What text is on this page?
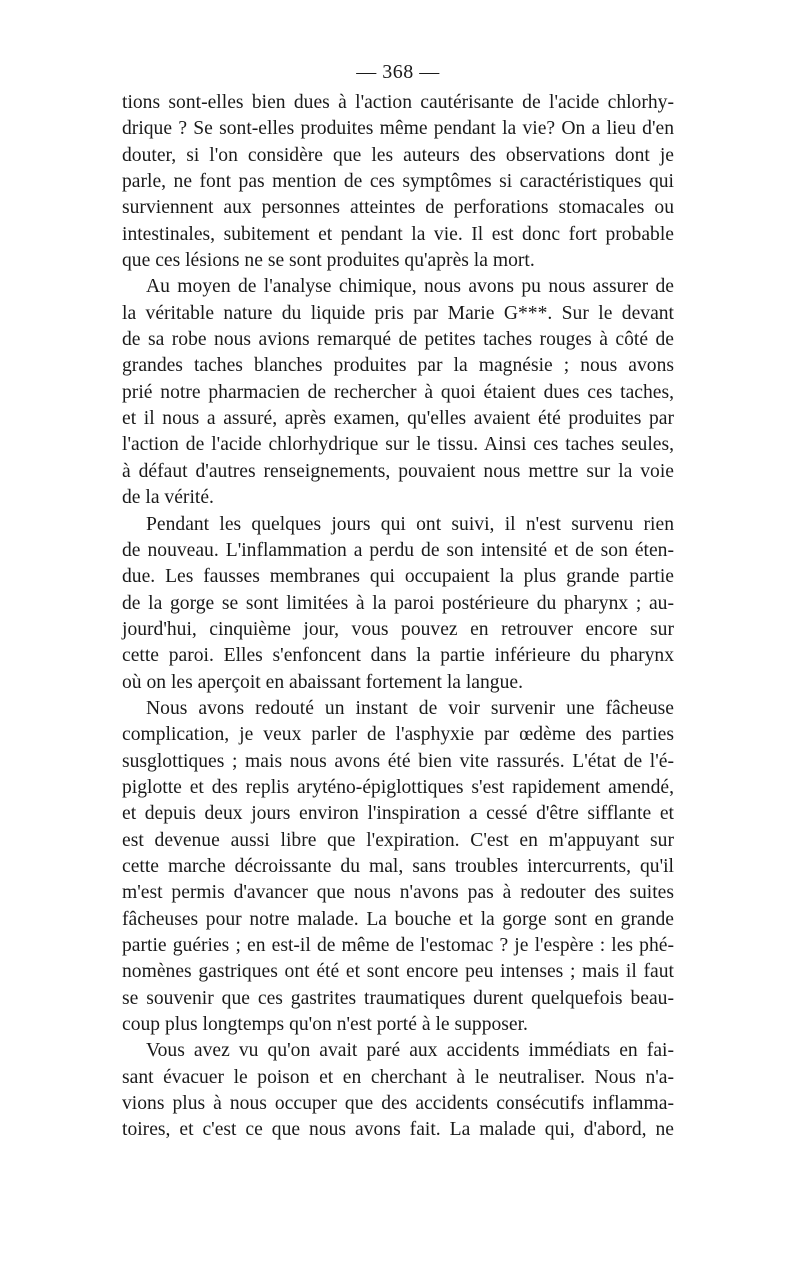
— 368 —
tions sont-elles bien dues à l'action cautérisante de l'acide chlorhy-
drique ? Se sont-elles produites même pendant la vie? On a lieu d'en
douter, si l'on considère que les auteurs des observations dont je
parle, ne font pas mention de ces symptômes si caractéristiques qui
surviennent aux personnes atteintes de perforations stomacales ou
intestinales, subitement et pendant la vie. Il est donc fort probable
que ces lésions ne se sont produites qu'après la mort.
Au moyen de l'analyse chimique, nous avons pu nous assurer de
la véritable nature du liquide pris par Marie G***. Sur le devant
de sa robe nous avions remarqué de petites taches rouges à côté de
grandes taches blanches produites par la magnésie ; nous avons
prié notre pharmacien de rechercher à quoi étaient dues ces taches,
et il nous a assuré, après examen, qu'elles avaient été produites par
l'action de l'acide chlorhydrique sur le tissu. Ainsi ces taches seules,
à défaut d'autres renseignements, pouvaient nous mettre sur la voie
de la vérité.
Pendant les quelques jours qui ont suivi, il n'est survenu rien
de nouveau. L'inflammation a perdu de son intensité et de son éten-
due. Les fausses membranes qui occupaient la plus grande partie
de la gorge se sont limitées à la paroi postérieure du pharynx ; au-
jourd'hui, cinquième jour, vous pouvez en retrouver encore sur
cette paroi. Elles s'enfoncent dans la partie inférieure du pharynx
où on les aperçoit en abaissant fortement la langue.
Nous avons redouté un instant de voir survenir une fâcheuse
complication, je veux parler de l'asphyxie par œdème des parties
susglottiques ; mais nous avons été bien vite rassurés. L'état de l'é-
piglotte et des replis aryténo-épiglottiques s'est rapidement amendé,
et depuis deux jours environ l'inspiration a cessé d'être sifflante et
est devenue aussi libre que l'expiration. C'est en m'appuyant sur
cette marche décroissante du mal, sans troubles intercurrents, qu'il
m'est permis d'avancer que nous n'avons pas à redouter des suites
fâcheuses pour notre malade. La bouche et la gorge sont en grande
partie guéries ; en est-il de même de l'estomac ? je l'espère : les phé-
nomènes gastriques ont été et sont encore peu intenses ; mais il faut
se souvenir que ces gastrites traumatiques durent quelquefois beau-
coup plus longtemps qu'on n'est porté à le supposer.
Vous avez vu qu'on avait paré aux accidents immédiats en fai-
sant évacuer le poison et en cherchant à le neutraliser. Nous n'a-
vions plus à nous occuper que des accidents consécutifs inflamma-
toires, et c'est ce que nous avons fait. La malade qui, d'abord, ne
